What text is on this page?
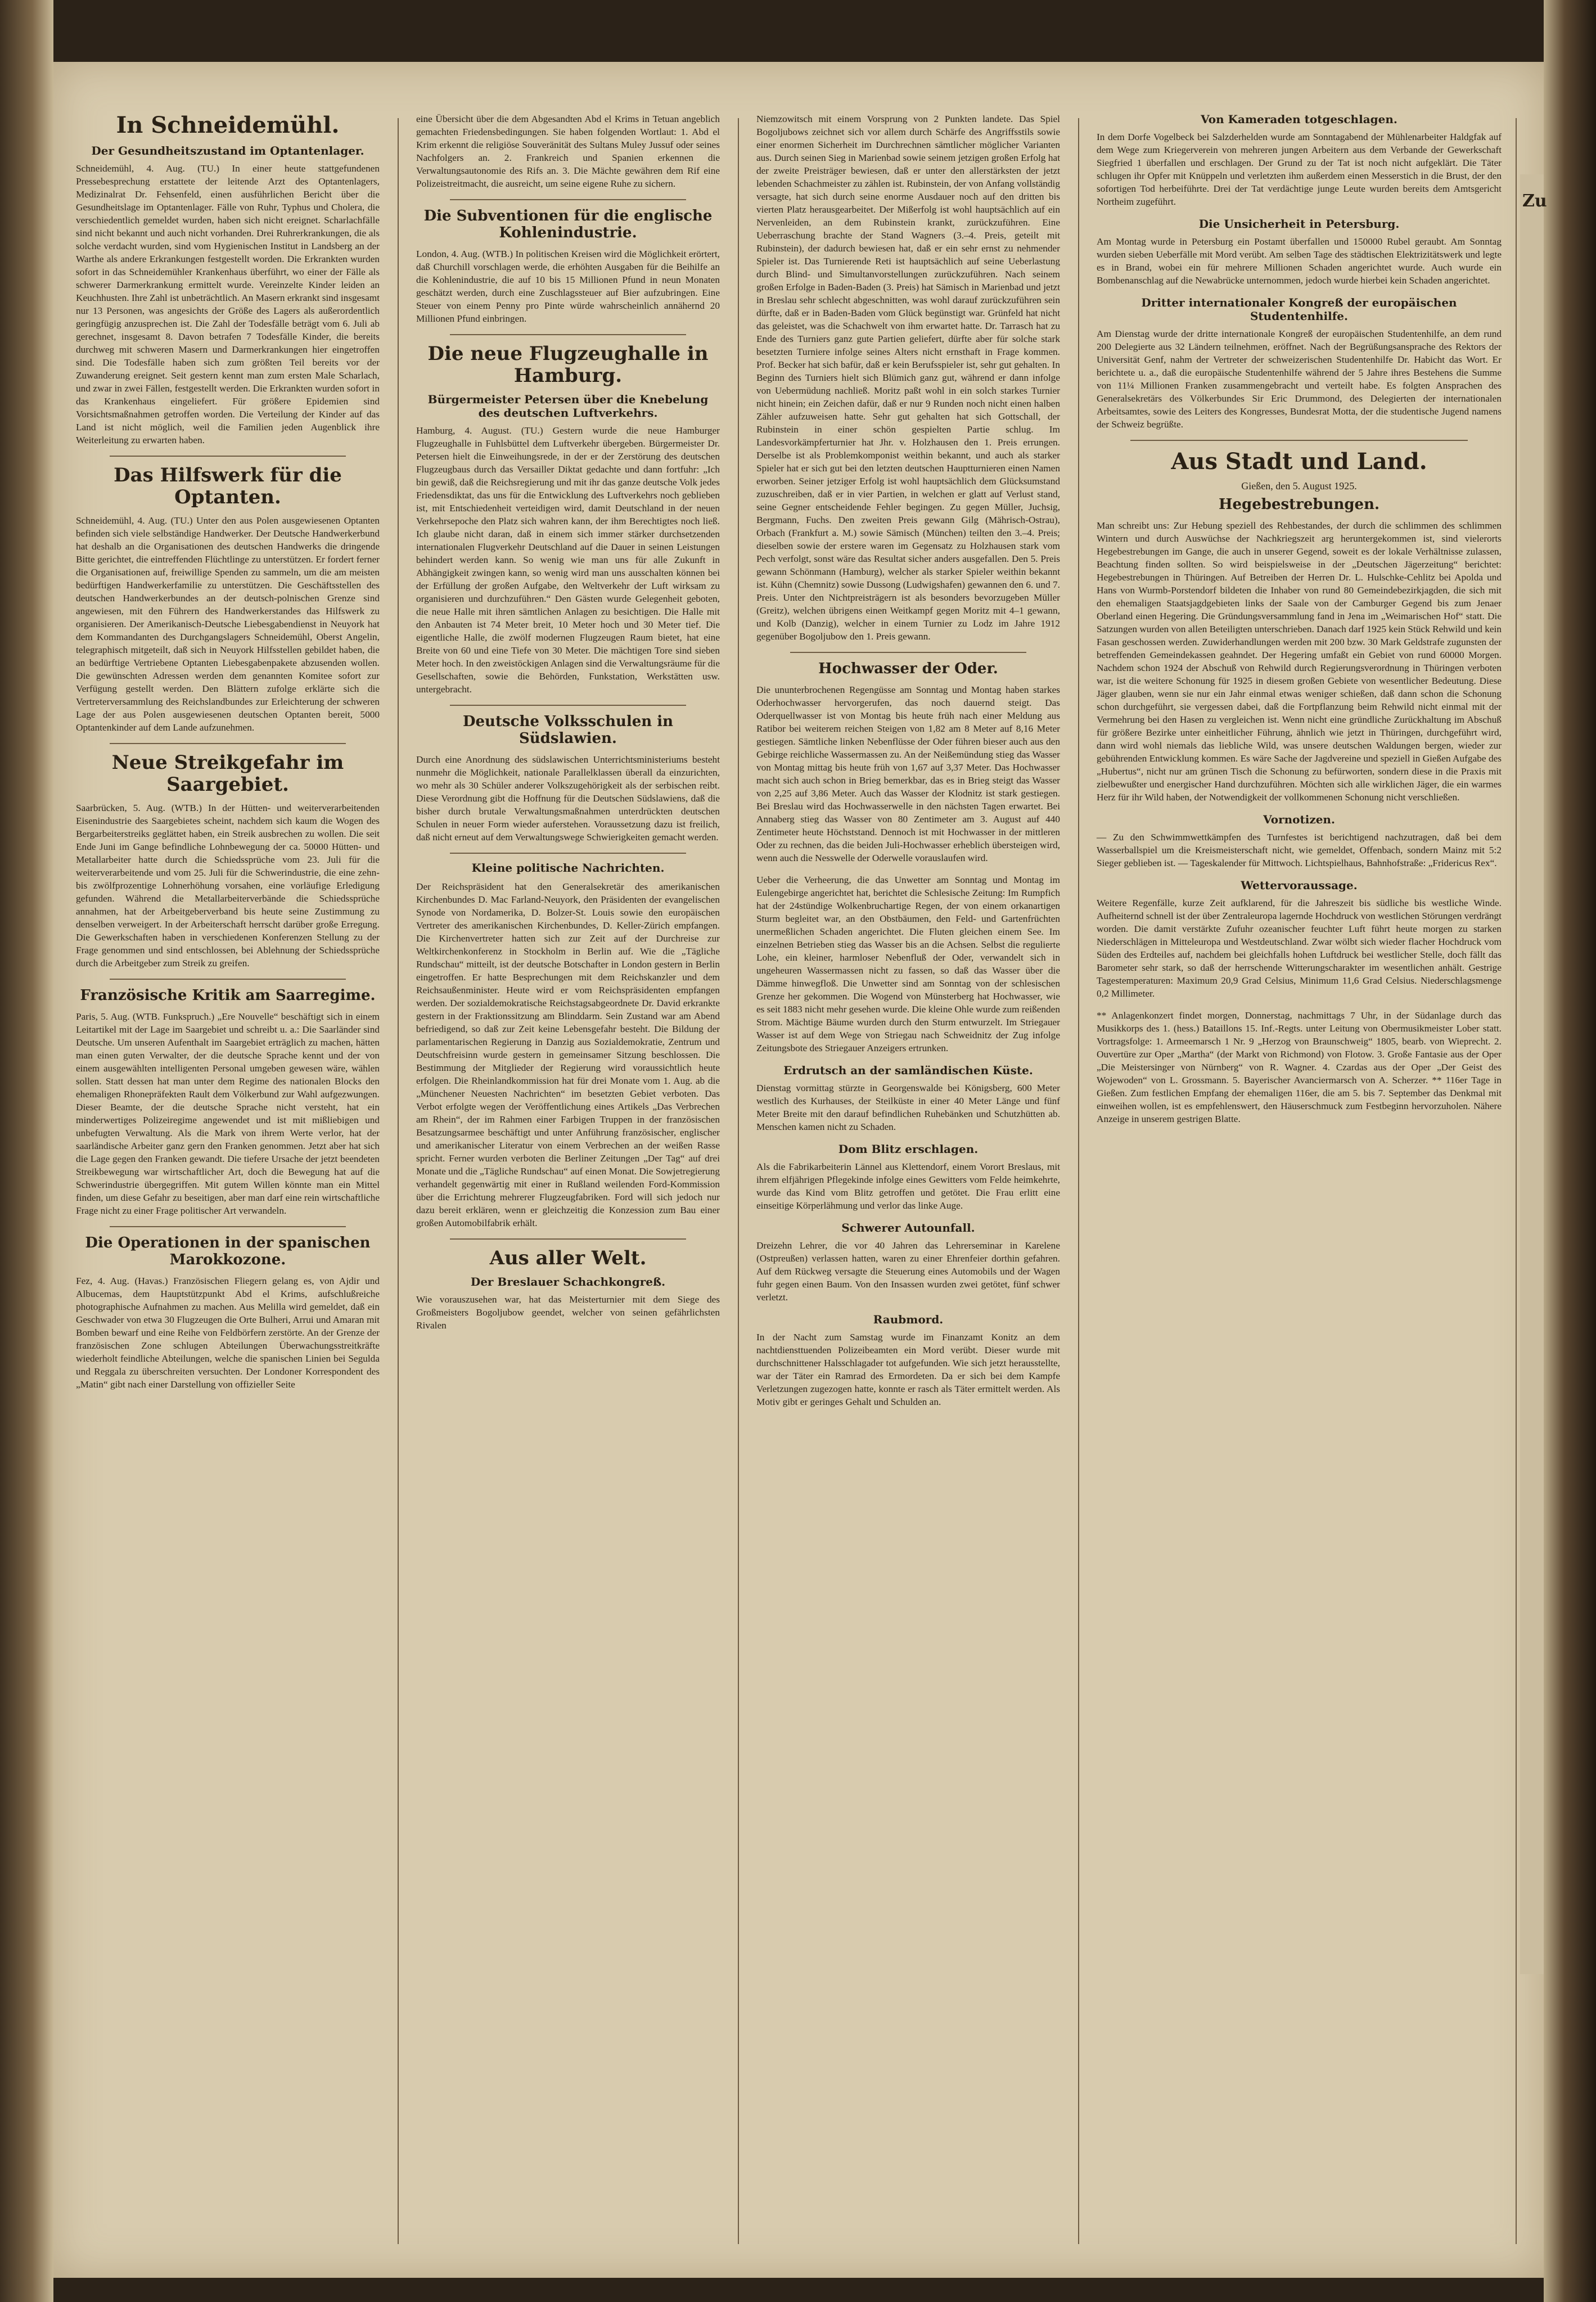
In Schneidemühl.
Der Gesundheitszustand im Optantenlager.

Schneidemühl, 4. Aug. (TU.) In einer heute stattgefundenen Pressebesprechung erstattete der leitende Arzt des Optantenlagers, Medizinalrat Dr. Fehsenfeld, einen ausführlichen Bericht über die Gesundheitslage im Optantenlager. Fälle von Ruhr, Typhus und Cholera, die verschiedentlich gemeldet wurden, haben sich nicht ereignet. Scharlachfälle sind nicht bekannt und auch nicht vorhanden. Drei Ruhrerkrankungen, die als solche verdacht wurden, sind vom Hygienischen Institut in Landsberg an der Warthe als andere Erkrankungen festgestellt worden. Die Erkrankten wurden sofort in das Schneidemühler Krankenhaus überführt, wo einer der Fälle als schwerer Darmerkrankung ermittelt wurde. Vereinzelte Kinder leiden an Keuchhusten. Ihre Zahl ist unbeträchtlich. An Masern erkrankt sind insgesamt nur 13 Personen, was angesichts der Größe des Lagers als außerordentlich geringfügig anzusprechen ist. Die Zahl der Todesfälle beträgt vom 6. Juli ab gerechnet, insgesamt 8. Davon betrafen 7 Todesfälle Kinder, die bereits durchweg mit schweren Masern und Darmerkrankungen hier eingetroffen sind. Die Todesfälle haben sich zum größten Teil bereits vor der Zuwanderung ereignet. Seit gestern kennt man zum ersten Male Scharlach, und zwar in zwei Fällen, festgestellt werden. Die Erkrankten wurden sofort in das Krankenhaus eingeliefert. Für größere Epidemien sind Vorsichtsmaßnahmen getroffen worden. Die Verteilung der Kinder auf das Land ist nicht möglich, weil die Familien jeden Augenblick ihre Weiterleitung zu erwarten haben.

Das Hilfswerk für die Optanten.

Schneidemühl, 4. Aug. (TU.) Unter den aus Polen ausgewiesenen Optanten befinden sich viele selbständige Handwerker. Der Deutsche Handwerkerbund hat deshalb an die Organisationen des deutschen Handwerks die dringende Bitte gerichtet, die eintreffenden Flüchtlinge zu unterstützen. Er fordert ferner die Organisationen auf, freiwillige Spenden zu sammeln, um die am meisten bedürftigen Handwerkerfamilie zu unterstützen. Die Geschäftsstellen des deutschen Handwerkerbundes an der deutsch-polnischen Grenze sind angewiesen, mit den Führern des Handwerkerstandes das Hilfswerk zu organisieren. Der Amerikanisch-Deutsche Liebesgabendienst in Neuyork hat dem Kommandanten des Durchgangslagers Schneidemühl, Oberst Angelin, telegraphisch mitgeteilt, daß sich in Neuyork Hilfsstellen gebildet haben, die an bedürftige Vertriebene Optanten Liebesgabenpakete abzusenden wollen. Die gewünschten Adressen werden dem genannten Komitee sofort zur Verfügung gestellt werden. Den Blättern zufolge erklärte sich die Vertreterversammlung des Reichslandbundes zur Erleichterung der schweren Lage der aus Polen ausgewiesenen deutschen Optanten bereit, 5000 Optantenkinder auf dem Lande aufzunehmen.

Neue Streikgefahr im Saargebiet.

Saarbrücken, 5. Aug. (WTB.) In der Hütten- und weiterverarbeitenden Eisenindustrie des Saargebietes scheint, nachdem sich kaum die Wogen des Bergarbeiterstreiks geglättet haben, ein Streik ausbrechen zu wollen. Die seit Ende Juni im Gange befindliche Lohnbewegung der ca. 50000 Hütten- und Metallarbeiter hatte durch die Schiedssprüche vom 23. Juli für die weiterverarbeitende und vom 25. Juli für die Schwerindustrie, die eine zehn- bis zwölfprozentige Lohnerhöhung vorsahen, eine vorläufige Erledigung gefunden. Während die Metallarbeiterverbände die Schiedssprüche annahmen, hat der Arbeitgeberverband bis heute seine Zustimmung zu denselben verweigert. In der Arbeiterschaft herrscht darüber große Erregung. Die Gewerkschaften haben in verschiedenen Konferenzen Stellung zu der Frage genommen und sind entschlossen, bei Ablehnung der Schiedssprüche durch die Arbeitgeber zum Streik zu greifen.

Französische Kritik am Saarregime.

Paris, 5. Aug. (WTB. Funkspruch.) „Ere Nouvelle“ beschäftigt sich in einem Leitartikel mit der Lage im Saargebiet und schreibt u. a.: Die Saarländer sind Deutsche. Um unseren Aufenthalt im Saargebiet erträglich zu machen, hätten man einen guten Verwalter, der die deutsche Sprache kennt und der von einem ausgewählten intelligenten Personal umgeben gewesen wäre, wählen sollen. Statt dessen hat man unter dem Regime des nationalen Blocks den ehemaligen Rhonepräfekten Rault dem Völkerbund zur Wahl aufgezwungen. Dieser Beamte, der die deutsche Sprache nicht versteht, hat ein minderwertiges Polizeiregime angewendet und ist mit mißliebigen und unbefugten Verwaltung. Als die Mark von ihrem Werte verlor, hat der saarländische Arbeiter ganz gern den Franken genommen. Jetzt aber hat sich die Lage gegen den Franken gewandt. Die tiefere Ursache der jetzt beendeten Streikbewegung war wirtschaftlicher Art, doch die Bewegung hat auf die Schwerindustrie übergegriffen. Mit gutem Willen könnte man ein Mittel finden, um diese Gefahr zu beseitigen, aber man darf eine rein wirtschaftliche Frage nicht zu einer Frage politischer Art verwandeln.

Die Operationen in der spanischen Marokkozone.

Fez, 4. Aug. (Havas.) Französischen Fliegern gelang es, von Ajdir und Albucemas, dem Hauptstützpunkt Abd el Krims, aufschlußreiche photographische Aufnahmen zu machen. Aus Melilla wird gemeldet, daß ein Geschwader von etwa 30 Flugzeugen die Orte Bulheri, Arrui und Amaran mit Bomben bewarf und eine Reihe von Feldbörfern zerstörte. An der Grenze der französischen Zone schlugen Abteilungen Überwachungsstreitkräfte wiederholt feindliche Abteilungen, welche die spanischen Linien bei Segulda und Reggala zu überschreiten versuchten. Der Londoner Korrespondent des „Matin“ gibt nach einer Darstellung von offizieller Seite

eine Übersicht über die dem Abgesandten Abd el Krims in Tetuan angeblich gemachten Friedensbedingungen. Sie haben folgenden Wortlaut: 1. Abd el Krim erkennt die religiöse Souveränität des Sultans Muley Jussuf oder seines Nachfolgers an. 2. Frankreich und Spanien erkennen die Verwaltungsautonomie des Rifs an. 3. Die Mächte gewähren dem Rif eine Polizeistreitmacht, die ausreicht, um seine eigene Ruhe zu sichern.

Die Subventionen für die englische Kohlenindustrie.

London, 4. Aug. (WTB.) In politischen Kreisen wird die Möglichkeit erörtert, daß Churchill vorschlagen werde, die erhöhten Ausgaben für die Beihilfe an die Kohlenindustrie, die auf 10 bis 15 Millionen Pfund in neun Monaten geschätzt werden, durch eine Zuschlagssteuer auf Bier aufzubringen. Eine Steuer von einem Penny pro Pinte würde wahrscheinlich annähernd 20 Millionen Pfund einbringen.

Die neue Flugzeughalle in Hamburg.
Bürgermeister Petersen über die Knebelung des deutschen Luftverkehrs.

Hamburg, 4. August. (TU.) Gestern wurde die neue Hamburger Flugzeughalle in Fuhlsbüttel dem Luftverkehr übergeben. Bürgermeister Dr. Petersen hielt die Einweihungsrede, in der er der Zerstörung des deutschen Flugzeugbaus durch das Versailler Diktat gedachte und dann fortfuhr: „Ich bin gewiß, daß die Reichsregierung und mit ihr das ganze deutsche Volk jedes Friedensdiktat, das uns für die Entwicklung des Luftverkehrs noch geblieben ist, mit Entschiedenheit verteidigen wird, damit Deutschland in der neuen Verkehrsepoche den Platz sich wahren kann, der ihm Berechtigtes noch ließ. Ich glaube nicht daran, daß in einem sich immer stärker durchsetzenden internationalen Flugverkehr Deutschland auf die Dauer in seinen Leistungen behindert werden kann. So wenig wie man uns für alle Zukunft in Abhängigkeit zwingen kann, so wenig wird man uns ausschalten können bei der Erfüllung der großen Aufgabe, den Weltverkehr der Luft wirksam zu organisieren und durchzuführen.“ Den Gästen wurde Gelegenheit geboten, die neue Halle mit ihren sämtlichen Anlagen zu besichtigen. Die Halle mit den Anbauten ist 74 Meter breit, 10 Meter hoch und 30 Meter tief. Die eigentliche Halle, die zwölf modernen Flugzeugen Raum bietet, hat eine Breite von 60 und eine Tiefe von 30 Meter. Die mächtigen Tore sind sieben Meter hoch. In den zweistöckigen Anlagen sind die Verwaltungsräume für die Gesellschaften, sowie die Behörden, Funkstation, Werkstätten usw. untergebracht.

Deutsche Volksschulen in Südslawien.

Durch eine Anordnung des südslawischen Unterrichtsministeriums besteht nunmehr die Möglichkeit, nationale Parallelklassen überall da einzurichten, wo mehr als 30 Schüler anderer Volkszugehörigkeit als der serbischen reibt. Diese Verordnung gibt die Hoffnung für die Deutschen Südslawiens, daß die bisher durch brutale Verwaltungsmaßnahmen unterdrückten deutschen Schulen in neuer Form wieder auferstehen. Voraussetzung dazu ist freilich, daß nicht erneut auf dem Verwaltungswege Schwierigkeiten gemacht werden.

Kleine politische Nachrichten.

Der Reichspräsident hat den Generalsekretär des amerikanischen Kirchenbundes D. Mac Farland-Neuyork, den Präsidenten der evangelischen Synode von Nordamerika, D. Bolzer-St. Louis sowie den europäischen Vertreter des amerikanischen Kirchenbundes, D. Keller-Zürich empfangen. Die Kirchenvertreter hatten sich zur Zeit auf der Durchreise zur Weltkirchenkonferenz in Stockholm in Berlin auf. Wie die „Tägliche Rundschau“ mitteilt, ist der deutsche Botschafter in London gestern in Berlin eingetroffen. Er hatte Besprechungen mit dem Reichskanzler und dem Reichsaußenminister. Heute wird er vom Reichspräsidenten empfangen werden. Der sozialdemokratische Reichstagsabgeordnete Dr. David erkrankte gestern in der Fraktionssitzung am Blinddarm. Sein Zustand war am Abend befriedigend, so daß zur Zeit keine Lebensgefahr besteht. Die Bildung der parlamentarischen Regierung in Danzig aus Sozialdemokratie, Zentrum und Deutschfreisinn wurde gestern in gemeinsamer Sitzung beschlossen. Die Bestimmung der Mitglieder der Regierung wird voraussichtlich heute erfolgen. Die Rheinlandkommission hat für drei Monate vom 1. Aug. ab die „Münchener Neuesten Nachrichten“ im besetzten Gebiet verboten. Das Verbot erfolgte wegen der Veröffentlichung eines Artikels „Das Verbrechen am Rhein“, der im Rahmen einer Farbigen Truppen in der französischen Besatzungsarmee beschäftigt und unter Anführung französischer, englischer und amerikanischer Literatur von einem Verbrechen an der weißen Rasse spricht. Ferner wurden verboten die Berliner Zeitungen „Der Tag“ auf drei Monate und die „Tägliche Rundschau“ auf einen Monat. Die Sowjetregierung verhandelt gegenwärtig mit einer in Rußland weilenden Ford-Kommission über die Errichtung mehrerer Flugzeugfabriken. Ford will sich jedoch nur dazu bereit erklären, wenn er gleichzeitig die Konzession zum Bau einer großen Automobilfabrik erhält.

Aus aller Welt.
Der Breslauer Schachkongreß.

Wie vorauszusehen war, hat das Meisterturnier mit dem Siege des Großmeisters Bogoljubow geendet, welcher von seinen gefährlichsten Rivalen

Niemzowitsch mit einem Vorsprung von 2 Punkten landete. Das Spiel Bogoljubows zeichnet sich vor allem durch Schärfe des Angriffsstils sowie einer enormen Sicherheit im Durchrechnen sämtlicher möglicher Varianten aus. Durch seinen Sieg in Marienbad sowie seinem jetzigen großen Erfolg hat der zweite Preisträger bewiesen, daß er unter den allerstärksten der jetzt lebenden Schachmeister zu zählen ist. Rubinstein, der von Anfang vollständig versagte, hat sich durch seine enorme Ausdauer noch auf den dritten bis vierten Platz herausgearbeitet. Der Mißerfolg ist wohl hauptsächlich auf ein Nervenleiden, an dem Rubinstein krankt, zurückzuführen. Eine Ueberraschung brachte der Stand Wagners (3.–4. Preis, geteilt mit Rubinstein), der dadurch bewiesen hat, daß er ein sehr ernst zu nehmender Spieler ist. Das Turnierende Reti ist hauptsächlich auf seine Ueberlastung durch Blind- und Simultanvorstellungen zurückzuführen. Nach seinem großen Erfolge in Baden-Baden (3. Preis) hat Sämisch in Marienbad und jetzt in Breslau sehr schlecht abgeschnitten, was wohl darauf zurückzuführen sein dürfte, daß er in Baden-Baden vom Glück begünstigt war. Grünfeld hat nicht das geleistet, was die Schachwelt von ihm erwartet hatte. Dr. Tarrasch hat zu Ende des Turniers ganz gute Partien geliefert, dürfte aber für solche stark besetzten Turniere infolge seines Alters nicht ernsthaft in Frage kommen. Prof. Becker hat sich bafür, daß er kein Berufsspieler ist, sehr gut gehalten. In Beginn des Turniers hielt sich Blümich ganz gut, während er dann infolge von Uebermüdung nachließ. Moritz paßt wohl in ein solch starkes Turnier nicht hinein; ein Zeichen dafür, daß er nur 9 Runden noch nicht einen halben Zähler aufzuweisen hatte. Sehr gut gehalten hat sich Gottschall, der Rubinstein in einer schön gespielten Partie schlug. Im Landesvorkämpferturnier hat Jhr. v. Holzhausen den 1. Preis errungen. Derselbe ist als Problemkomponist weithin bekannt, und auch als starker Spieler hat er sich gut bei den letzten deutschen Hauptturnieren einen Namen erworben. Seiner jetziger Erfolg ist wohl hauptsächlich dem Glücksumstand zuzuschreiben, daß er in vier Partien, in welchen er glatt auf Verlust stand, seine Gegner entscheidende Fehler begingen. Zu gegen Müller, Juchsig, Bergmann, Fuchs. Den zweiten Preis gewann Gilg (Mährisch-Ostrau), Orbach (Frankfurt a. M.) sowie Sämisch (München) teilten den 3.–4. Preis; dieselben sowie der erstere waren im Gegensatz zu Holzhausen stark vom Pech verfolgt, sonst wäre das Resultat sicher anders ausgefallen. Den 5. Preis gewann Schönmann (Hamburg), welcher als starker Spieler weithin bekannt ist. Kühn (Chemnitz) sowie Dussong (Ludwigshafen) gewannen den 6. und 7. Preis. Unter den Nichtpreisträgern ist als besonders bevorzugeben Müller (Greitz), welchen übrigens einen Weitkampf gegen Moritz mit 4–1 gewann, und Kolb (Danzig), welcher in einem Turnier zu Lodz im Jahre 1912 gegenüber Bogoljubow den 1. Preis gewann.

Hochwasser der Oder.

Die ununterbrochenen Regengüsse am Sonntag und Montag haben starkes Oderhochwasser hervorgerufen, das noch dauernd steigt. Das Oderquellwasser ist von Montag bis heute früh nach einer Meldung aus Ratibor bei weiterem reichen Steigen von 1,82 am 8 Meter auf 8,16 Meter gestiegen. Sämtliche linken Nebenflüsse der Oder führen bieser auch aus den Gebirge reichliche Wassermassen zu. An der Neißemündung stieg das Wasser von Montag mittag bis heute früh von 1,67 auf 3,37 Meter. Das Hochwasser macht sich auch schon in Brieg bemerkbar, das es in Brieg steigt das Wasser von 2,25 auf 3,86 Meter. Auch das Wasser der Klodnitz ist stark gestiegen. Bei Breslau wird das Hochwasserwelle in den nächsten Tagen erwartet. Bei Annaberg stieg das Wasser von 80 Zentimeter am 3. August auf 440 Zentimeter heute Höchststand. Dennoch ist mit Hochwasser in der mittleren Oder zu rechnen, das die beiden Juli-Hochwasser erheblich übersteigen wird, wenn auch die Nesswelle der Oderwelle vorauslaufen wird.

Ueber die Verheerung, die das Unwetter am Sonntag und Montag im Eulengebirge angerichtet hat, berichtet die Schlesische Zeitung: Im Rumpfich hat der 24stündige Wolkenbruchartige Regen, der von einem orkanartigen Sturm begleitet war, an den Obstbäumen, den Feld- und Gartenfrüchten unermeßlichen Schaden angerichtet. Die Fluten gleichen einem See. Im einzelnen Betrieben stieg das Wasser bis an die Achsen. Selbst die regulierte Lohe, ein kleiner, harmloser Nebenfluß der Oder, verwandelt sich in ungeheuren Wassermassen nicht zu fassen, so daß das Wasser über die Dämme hinwegfloß. Die Unwetter sind am Sonntag von der schlesischen Grenze her gekommen. Die Wogend von Münsterberg hat Hochwasser, wie es seit 1883 nicht mehr gesehen wurde. Die kleine Ohle wurde zum reißenden Strom. Mächtige Bäume wurden durch den Sturm entwurzelt. Im Striegauer Wasser ist auf dem Wege von Striegau nach Schweidnitz der Zug infolge Zeitungsbote des Striegauer Anzeigers ertrunken.

Erdrutsch an der samländischen Küste.

Dienstag vormittag stürzte in Georgenswalde bei Königsberg, 600 Meter westlich des Kurhauses, der Steilküste in einer 40 Meter Länge und fünf Meter Breite mit den darauf befindlichen Ruhebänken und Schutzhütten ab. Menschen kamen nicht zu Schaden.

Dom Blitz erschlagen.

Als die Fabrikarbeiterin Lännel aus Klettendorf, einem Vorort Breslaus, mit ihrem elfjährigen Pflegekinde infolge eines Gewitters vom Felde heimkehrte, wurde das Kind vom Blitz getroffen und getötet. Die Frau erlitt eine einseitige Körperlähmung und verlor das linke Auge.

Schwerer Autounfall.

Dreizehn Lehrer, die vor 40 Jahren das Lehrerseminar in Karelene (Ostpreußen) verlassen hatten, waren zu einer Ehrenfeier dorthin gefahren. Auf dem Rückweg versagte die Steuerung eines Automobils und der Wagen fuhr gegen einen Baum. Von den Insassen wurden zwei getötet, fünf schwer verletzt.

Raubmord.

In der Nacht zum Samstag wurde im Finanzamt Konitz an dem nachtdiensttuenden Polizeibeamten ein Mord verübt. Dieser wurde mit durchschnittener Halsschlagader tot aufgefunden. Wie sich jetzt herausstellte, war der Täter ein Ramrad des Ermordeten. Da er sich bei dem Kampfe Verletzungen zugezogen hatte, konnte er rasch als Täter ermittelt werden. Als Motiv gibt er geringes Gehalt und Schulden an.

Von Kameraden totgeschlagen.

In dem Dorfe Vogelbeck bei Salzderhelden wurde am Sonntagabend der Mühlenarbeiter Haldgfak auf dem Wege zum Kriegerverein von mehreren jungen Arbeitern aus dem Verbande der Gewerkschaft Siegfried 1 überfallen und erschlagen. Der Grund zu der Tat ist noch nicht aufgeklärt. Die Täter schlugen ihr Opfer mit Knüppeln und verletzten ihm außerdem einen Messerstich in die Brust, der den sofortigen Tod herbeiführte. Drei der Tat verdächtige junge Leute wurden bereits dem Amtsgericht Northeim zugeführt.

Die Unsicherheit in Petersburg.

Am Montag wurde in Petersburg ein Postamt überfallen und 150000 Rubel geraubt. Am Sonntag wurden sieben Ueberfälle mit Mord verübt. Am selben Tage des städtischen Elektrizitätswerk und legte es in Brand, wobei ein für mehrere Millionen Schaden angerichtet wurde. Auch wurde ein Bombenanschlag auf die Newabrücke unternommen, jedoch wurde hierbei kein Schaden angerichtet.

Dritter internationaler Kongreß der europäischen Studentenhilfe.

Am Dienstag wurde der dritte internationale Kongreß der europäischen Studentenhilfe, an dem rund 200 Delegierte aus 32 Ländern teilnehmen, eröffnet. Nach der Begrüßungsansprache des Rektors der Universität Genf, nahm der Vertreter der schweizerischen Studentenhilfe Dr. Habicht das Wort. Er berichtete u. a., daß die europäische Studentenhilfe während der 5 Jahre ihres Bestehens die Summe von 11¼ Millionen Franken zusammengebracht und verteilt habe. Es folgten Ansprachen des Generalsekretärs des Völkerbundes Sir Eric Drummond, des Delegierten der internationalen Arbeitsamtes, sowie des Leiters des Kongresses, Bundesrat Motta, der die studentische Jugend namens der Schweiz begrüßte.

Aus Stadt und Land.
Gießen, den 5. August 1925.
Hegebestrebungen.

Man schreibt uns: Zur Hebung speziell des Rehbestandes, der durch die schlimmen des schlimmen Wintern und durch Auswüchse der Nachkriegszeit arg heruntergekommen ist, sind vielerorts Hegebestrebungen im Gange, die auch in unserer Gegend, soweit es der lokale Verhältnisse zulassen, Beachtung finden sollten. So wird beispielsweise in der „Deutschen Jägerzeitung“ berichtet: Hegebestrebungen in Thüringen. Auf Betreiben der Herren Dr. L. Hulschke-Cehlitz bei Apolda und Hans von Wurmb-Porstendorf bildeten die Inhaber von rund 80 Gemeindebezirkjagden, die sich mit den ehemaligen Staatsjagdgebieten links der Saale von der Camburger Gegend bis zum Jenaer Oberland einen Hegering. Die Gründungsversammlung fand in Jena im „Weimarischen Hof“ statt. Die Satzungen wurden von allen Beteiligten unterschrieben. Danach darf 1925 kein Stück Rehwild und kein Fasan geschossen werden. Zuwiderhandlungen werden mit 200 bzw. 30 Mark Geldstrafe zugunsten der betreffenden Gemeindekassen geahndet. Der Hegering umfaßt ein Gebiet von rund 60000 Morgen. Nachdem schon 1924 der Abschuß von Rehwild durch Regierungsverordnung in Thüringen verboten war, ist die weitere Schonung für 1925 in diesem großen Gebiete von wesentlicher Bedeutung. Diese Jäger glauben, wenn sie nur ein Jahr einmal etwas weniger schießen, daß dann schon die Schonung schon durchgeführt, sie vergessen dabei, daß die Fortpflanzung beim Rehwild nicht einmal mit der Vermehrung bei den Hasen zu vergleichen ist. Wenn nicht eine gründliche Zurückhaltung im Abschuß für größere Bezirke unter einheitlicher Führung, ähnlich wie jetzt in Thüringen, durchgeführt wird, dann wird wohl niemals das liebliche Wild, was unsere deutschen Waldungen bergen, wieder zur gebührenden Entwicklung kommen. Es wäre Sache der Jagdvereine und speziell in Gießen Aufgabe des „Hubertus“, nicht nur am grünen Tisch die Schonung zu befürworten, sondern diese in die Praxis mit zielbewußter und energischer Hand durchzuführen. Möchten sich alle wirklichen Jäger, die ein warmes Herz für ihr Wild haben, der Notwendigkeit der vollkommenen Schonung nicht verschließen.

Vornotizen.

— Zu den Schwimmwettkämpfen des Turnfestes ist berichtigend nachzutragen, daß bei dem Wasserballspiel um die Kreismeisterschaft nicht, wie gemeldet, Offenbach, sondern Mainz mit 5:2 Sieger geblieben ist. — Tageskalender für Mittwoch. Lichtspielhaus, Bahnhofstraße: „Fridericus Rex“.

Wettervoraussage.

Weitere Regenfälle, kurze Zeit aufklarend, für die Jahreszeit bis südliche bis westliche Winde. Aufheiternd schnell ist der über Zentraleuropa lagernde Hochdruck von westlichen Störungen verdrängt worden. Die damit verstärkte Zufuhr ozeanischer feuchter Luft führt heute morgen zu starken Niederschlägen in Mitteleuropa und Westdeutschland. Zwar wölbt sich wieder flacher Hochdruck vom Süden des Erdteiles auf, nachdem bei gleichfalls hohen Luftdruck bei westlicher Stelle, doch fällt das Barometer sehr stark, so daß der herrschende Witterungscharakter im wesentlichen anhält. Gestrige Tagestemperaturen: Maximum 20,9 Grad Celsius, Minimum 11,6 Grad Celsius. Niederschlagsmenge 0,2 Millimeter.

** Anlagenkonzert findet morgen, Donnerstag, nachmittags 7 Uhr, in der Südanlage durch das Musikkorps des 1. (hess.) Bataillons 15. Inf.-Regts. unter Leitung von Obermusikmeister Lober statt. Vortragsfolge: 1. Armeemarsch 1 Nr. 9 „Herzog von Braunschweig“ 1805, bearb. von Wieprecht. 2. Ouvertüre zur Oper „Martha“ (der Markt von Richmond) von Flotow. 3. Große Fantasie aus der Oper „Die Meistersinger von Nürnberg“ von R. Wagner. 4. Czardas aus der Oper „Der Geist des Wojewoden“ von L. Grossmann. 5. Bayerischer Avanciermarsch von A. Scherzer. ** 116er Tage in Gießen. Zum festlichen Empfang der ehemaligen 116er, die am 5. bis 7. September das Denkmal mit einweihen wollen, ist es empfehlenswert, den Häuserschmuck zum Festbeginn hervorzuholen. Nähere Anzeige in unserem gestrigen Blatte.

Zu
